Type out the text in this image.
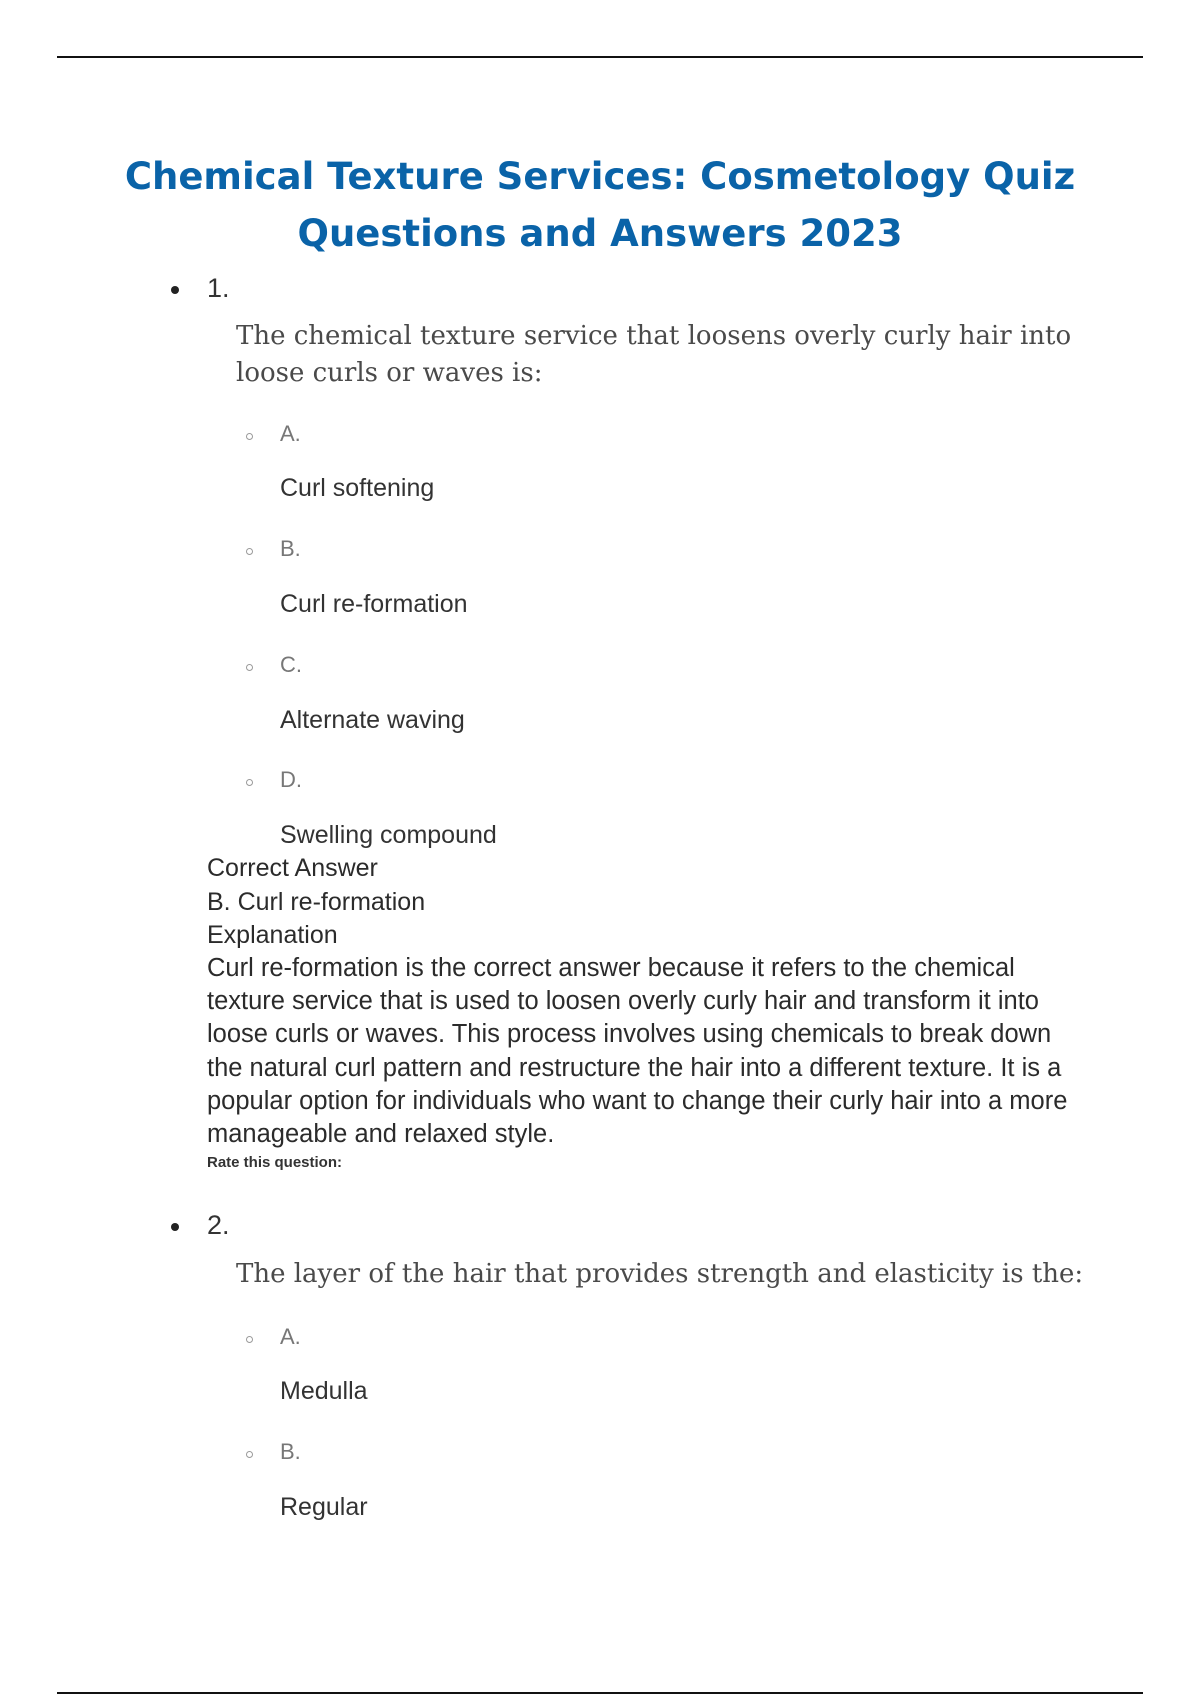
Chemical Texture Services: Cosmetology Quiz Questions and Answers 2023
1.
The chemical texture service that loosens overly curly hair into loose curls or waves is:
A.
Curl softening
B.
Curl re-formation
C.
Alternate waving
D.
Swelling compound
Correct Answer
B. Curl re-formation
Explanation

Curl re-formation is the correct answer because it refers to the chemical texture service that is used to loosen overly curly hair and transform it into loose curls or waves. This process involves using chemicals to break down the natural curl pattern and restructure the hair into a different texture. It is a popular option for individuals who want to change their curly hair into a more manageable and relaxed style.

Rate this question:
2.
The layer of the hair that provides strength and elasticity is the:
A.
Medulla
B.
Regular
